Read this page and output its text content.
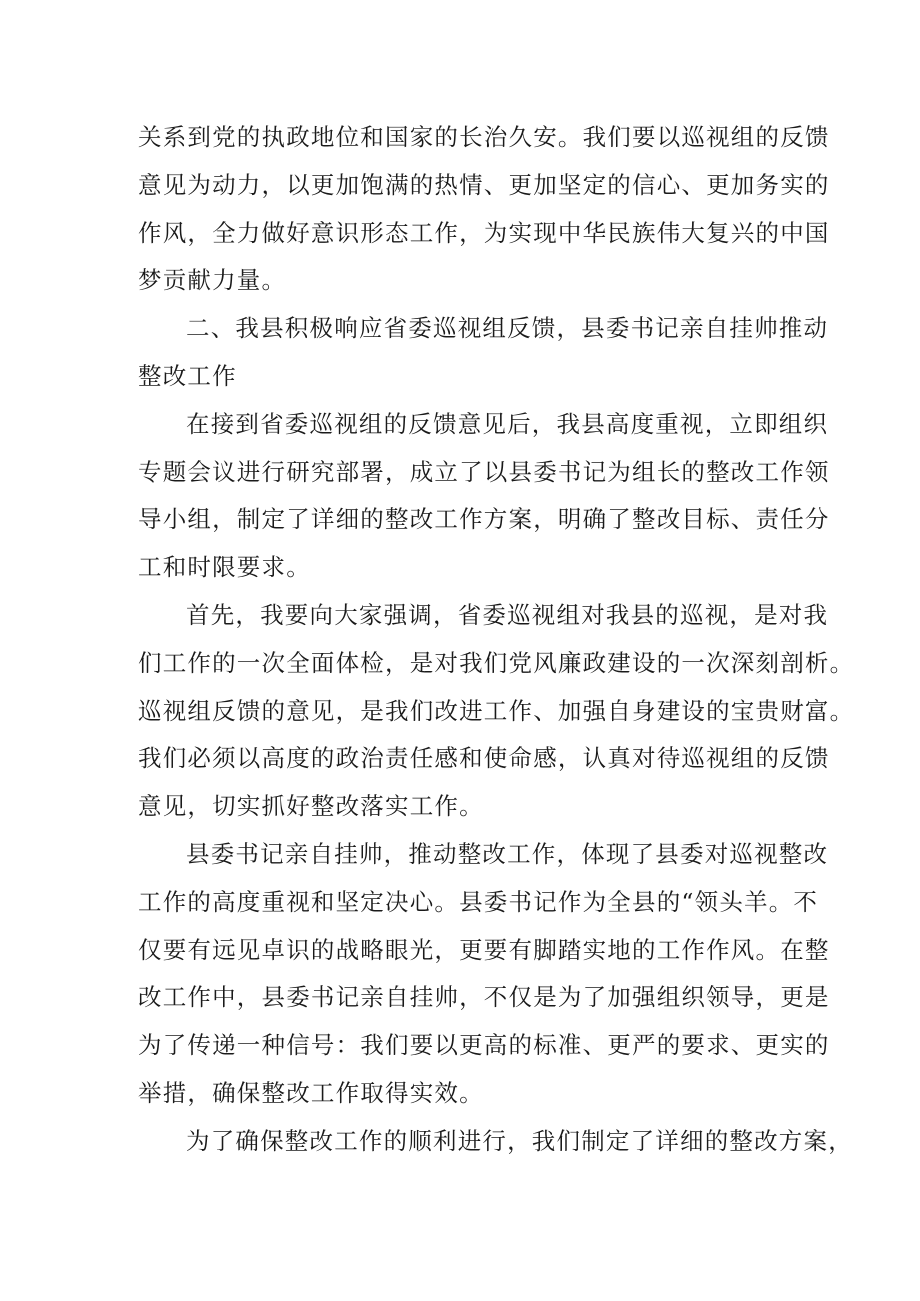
关系到党的执政地位和国家的长治久安。我们要以巡视组的反馈
意见为动力，以更加饱满的热情、更加坚定的信心、更加务实的
作风，全力做好意识形态工作，为实现中华民族伟大复兴的中国
梦贡献力量。

二、我县积极响应省委巡视组反馈，县委书记亲自挂帅推动
整改工作

在接到省委巡视组的反馈意见后，我县高度重视，立即组织
专题会议进行研究部署，成立了以县委书记为组长的整改工作领
导小组，制定了详细的整改工作方案，明确了整改目标、责任分
工和时限要求。

首先，我要向大家强调，省委巡视组对我县的巡视，是对我
们工作的一次全面体检，是对我们党风廉政建设的一次深刻剖析。
巡视组反馈的意见，是我们改进工作、加强自身建设的宝贵财富。
我们必须以高度的政治责任感和使命感，认真对待巡视组的反馈
意见，切实抓好整改落实工作。

县委书记亲自挂帅，推动整改工作，体现了县委对巡视整改
工作的高度重视和坚定决心。县委书记作为全县的“领头羊。不
仅要有远见卓识的战略眼光，更要有脚踏实地的工作作风。在整
改工作中，县委书记亲自挂帅，不仅是为了加强组织领导，更是
为了传递一种信号：我们要以更高的标准、更严的要求、更实的
举措，确保整改工作取得实效。

为了确保整改工作的顺利进行，我们制定了详细的整改方案，
